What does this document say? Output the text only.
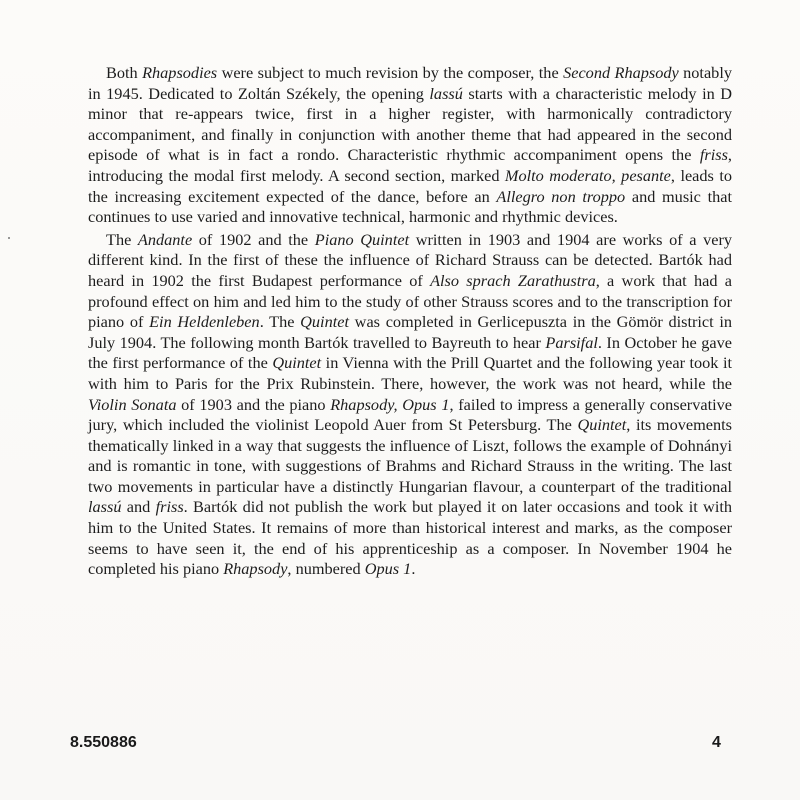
Both Rhapsodies were subject to much revision by the composer, the Second Rhapsody notably in 1945. Dedicated to Zoltán Székely, the opening lassú starts with a characteristic melody in D minor that re-appears twice, first in a higher register, with harmonically contradictory accompaniment, and finally in conjunction with another theme that had appeared in the second episode of what is in fact a rondo. Characteristic rhythmic accompaniment opens the friss, introducing the modal first melody. A second section, marked Molto moderato, pesante, leads to the increasing excitement expected of the dance, before an Allegro non troppo and music that continues to use varied and innovative technical, harmonic and rhythmic devices.

The Andante of 1902 and the Piano Quintet written in 1903 and 1904 are works of a very different kind. In the first of these the influence of Richard Strauss can be detected. Bartók had heard in 1902 the first Budapest performance of Also sprach Zarathustra, a work that had a profound effect on him and led him to the study of other Strauss scores and to the transcription for piano of Ein Heldenleben. The Quintet was completed in Gerlicepuszta in the Gömör district in July 1904. The following month Bartók travelled to Bayreuth to hear Parsifal. In October he gave the first performance of the Quintet in Vienna with the Prill Quartet and the following year took it with him to Paris for the Prix Rubinstein. There, however, the work was not heard, while the Violin Sonata of 1903 and the piano Rhapsody, Opus 1, failed to impress a generally conservative jury, which included the violinist Leopold Auer from St Petersburg. The Quintet, its movements thematically linked in a way that suggests the influence of Liszt, follows the example of Dohnányi and is romantic in tone, with suggestions of Brahms and Richard Strauss in the writing. The last two movements in particular have a distinctly Hungarian flavour, a counterpart of the traditional lassú and friss. Bartók did not publish the work but played it on later occasions and took it with him to the United States. It remains of more than historical interest and marks, as the composer seems to have seen it, the end of his apprenticeship as a composer. In November 1904 he completed his piano Rhapsody, numbered Opus 1.

8.550886	4
